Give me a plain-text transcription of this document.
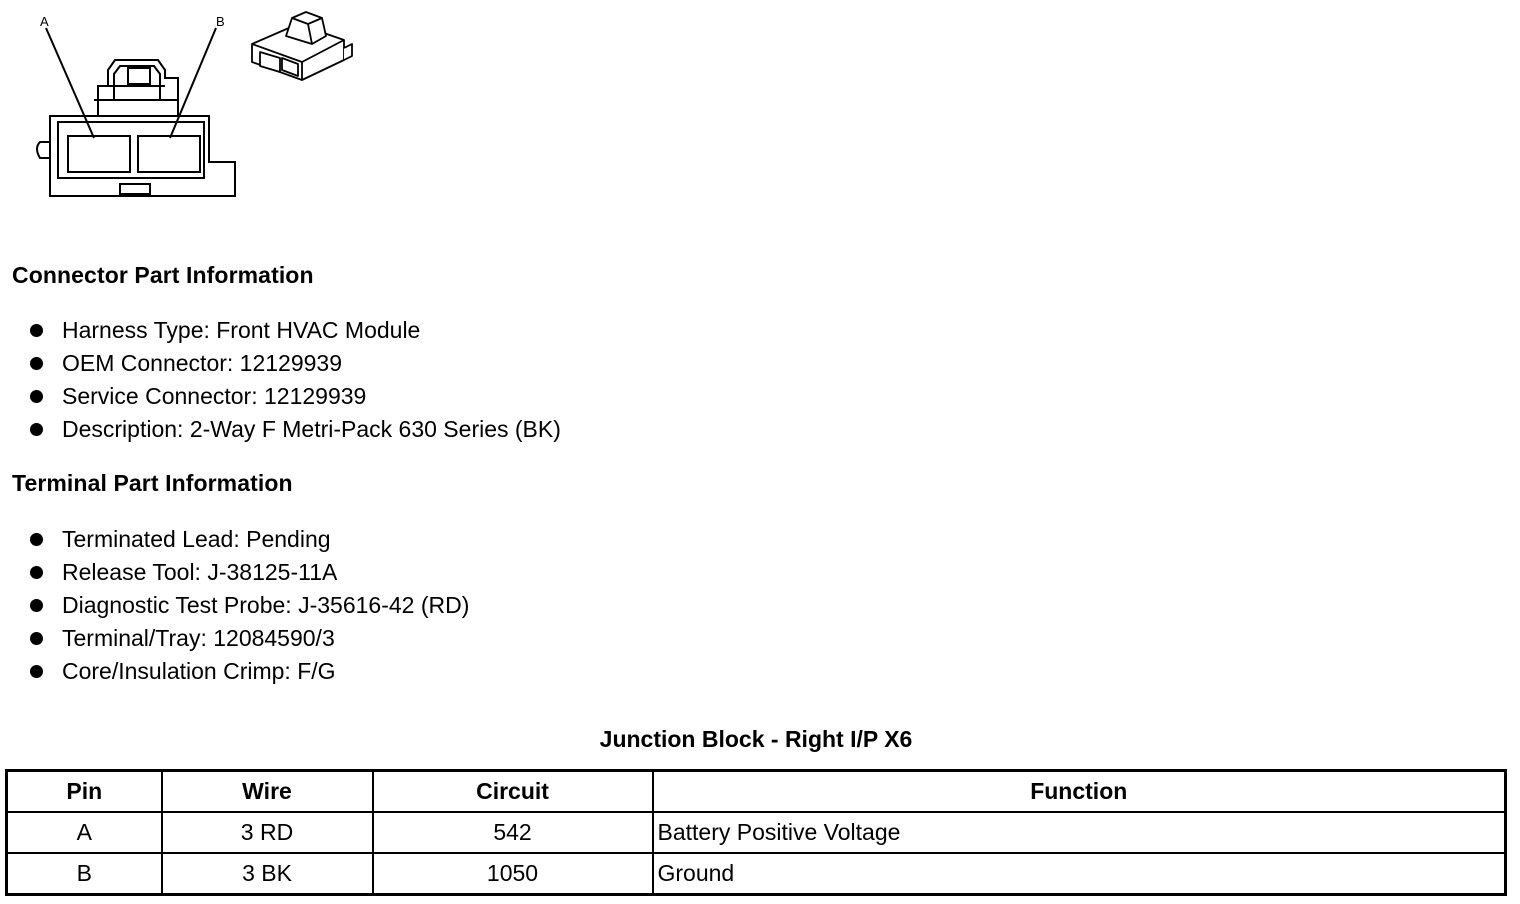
A	B
Connector Part Information
Harness Type: Front HVAC Module
OEM Connector: 12129939
Service Connector: 12129939
Description: 2-Way F Metri-Pack 630 Series (BK)
Terminal Part Information
Terminated Lead: Pending
Release Tool: J-38125-11A
Diagnostic Test Probe: J-35616-42 (RD)
Terminal/Tray: 12084590/3
Core/Insulation Crimp: F/G
Junction Block - Right I/P X6
Pin	Wire	Circuit	Function
A	3 RD	542	Battery Positive Voltage
B	3 BK	1050	Ground
